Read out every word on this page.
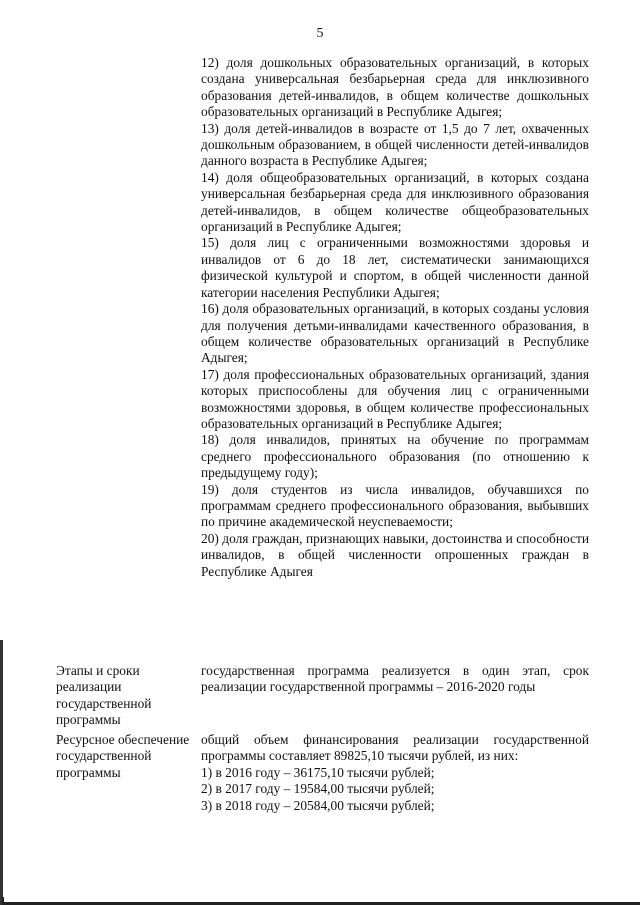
5

12) доля дошкольных образовательных организаций, в которых создана универсальная безбарьерная среда для инклюзивного образования детей-инвалидов, в общем количестве дошкольных образовательных организаций в Республике Адыгея;

13) доля детей-инвалидов в возрасте от 1,5 до 7 лет, охваченных дошкольным образованием, в общей численности детей-инвалидов данного возраста в Республике Адыгея;

14) доля общеобразовательных организаций, в которых создана универсальная безбарьерная среда для инклюзивного образования детей-инвалидов, в общем количестве общеобразовательных организаций в Республике Адыгея;

15) доля лиц с ограниченными возможностями здоровья и инвалидов от 6 до 18 лет, систематически занимающихся физической культурой и спортом, в общей численности данной категории населения Республики Адыгея;

16) доля образовательных организаций, в которых созданы условия для получения детьми-инвалидами качественного образования, в общем количестве образовательных организаций в Республике Адыгея;

17) доля профессиональных образовательных организаций, здания которых приспособлены для обучения лиц с ограниченными возможностями здоровья, в общем количестве профессиональных образовательных организаций в Республике Адыгея;

18) доля инвалидов, принятых на обучение по программам среднего профессионального образования (по отношению к предыдущему году);

19) доля студентов из числа инвалидов, обучавшихся по программам среднего профессионального образования, выбывших по причине академической неуспеваемости;

20) доля граждан, признающих навыки, достоинства и способности инвалидов, в общей численности опрошенных граждан в Республике Адыгея

Этапы и сроки реализации государственной программы

государственная программа реализуется в один этап, срок реализации государственной программы – 2016-2020 годы

Ресурсное обеспечение государственной программы

общий объем финансирования реализации государственной программы составляет 89825,10 тысячи рублей, из них:

1) в 2016 году – 36175,10 тысячи рублей;

2) в 2017 году – 19584,00 тысячи рублей;

3) в 2018 году – 20584,00 тысячи рублей;
